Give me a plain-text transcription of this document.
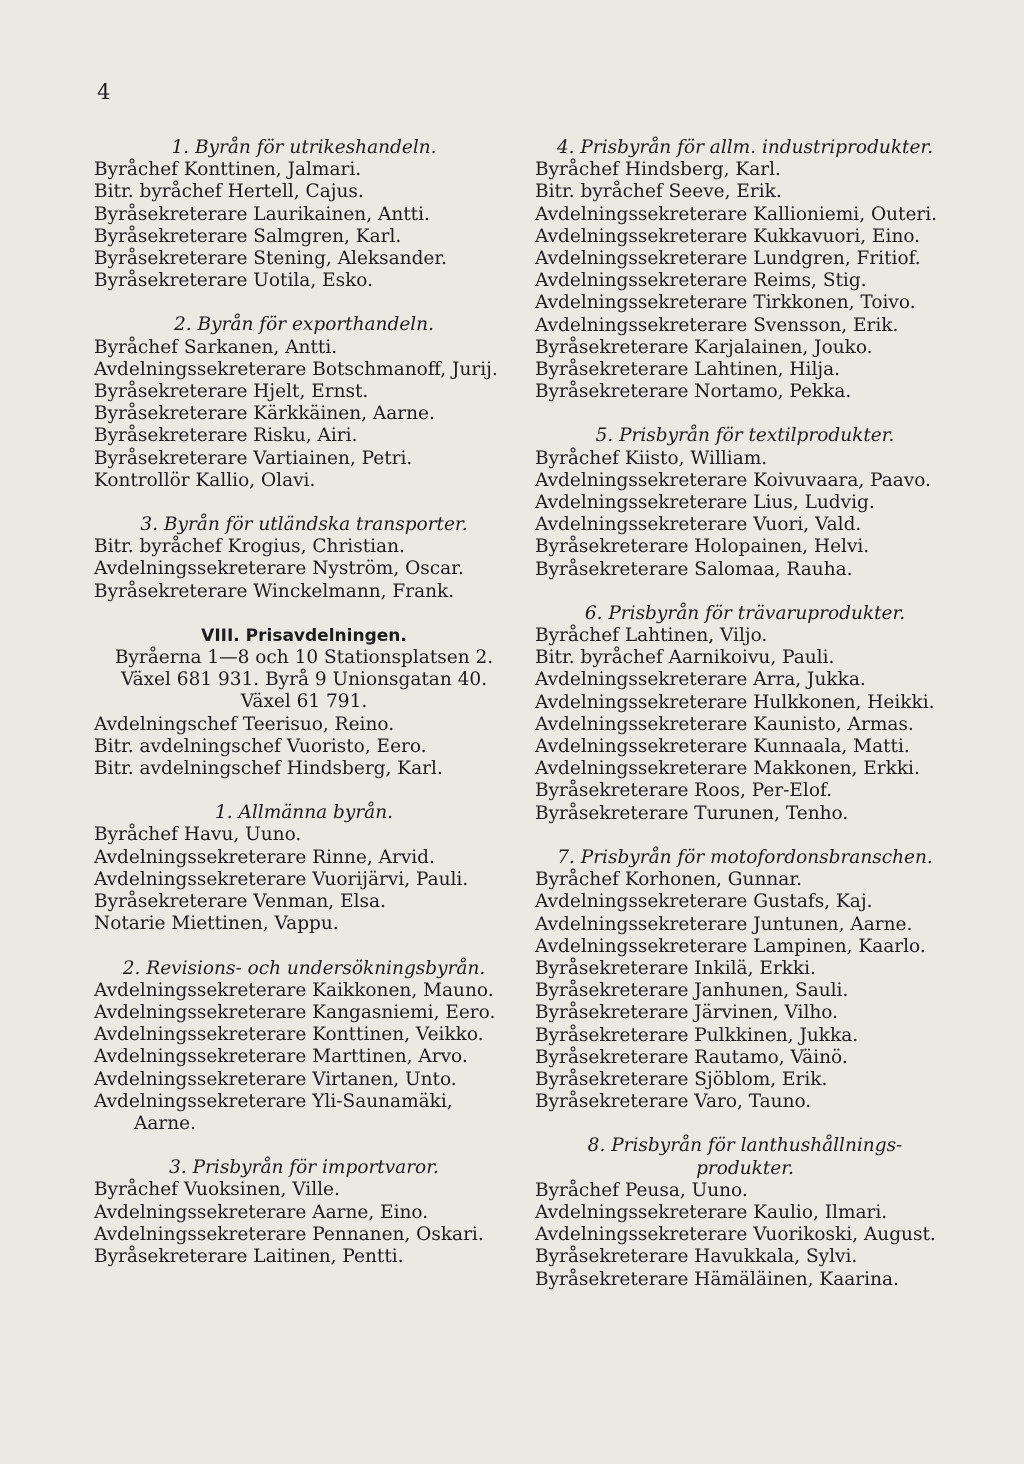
4
1. Byrån för utrikeshandeln.
Byråchef Konttinen, Jalmari.
Bitr. byråchef Hertell, Cajus.
Byråsekreterare Laurikainen, Antti.
Byråsekreterare Salmgren, Karl.
Byråsekreterare Stening, Aleksander.
Byråsekreterare Uotila, Esko.
2. Byrån för exporthandeln.
Byråchef Sarkanen, Antti.
Avdelningssekreterare Botschmanoff, Jurij.
Byråsekreterare Hjelt, Ernst.
Byråsekreterare Kärkkäinen, Aarne.
Byråsekreterare Risku, Airi.
Byråsekreterare Vartiainen, Petri.
Kontrollör Kallio, Olavi.
3. Byrån för utländska transporter.
Bitr. byråchef Krogius, Christian.
Avdelningssekreterare Nyström, Oscar.
Byråsekreterare Winckelmann, Frank.
VIII. Prisavdelningen.
Byråerna 1—8 och 10 Stationsplatsen 2.
Växel 681 931. Byrå 9 Unionsgatan 40.
Växel 61 791.
Avdelningschef Teerisuo, Reino.
Bitr. avdelningschef Vuoristo, Eero.
Bitr. avdelningschef Hindsberg, Karl.
1. Allmänna byrån.
Byråchef Havu, Uuno.
Avdelningssekreterare Rinne, Arvid.
Avdelningssekreterare Vuorijärvi, Pauli.
Byråsekreterare Venman, Elsa.
Notarie Miettinen, Vappu.
2. Revisions- och undersökningsbyrån.
Avdelningssekreterare Kaikkonen, Mauno.
Avdelningssekreterare Kangasniemi, Eero.
Avdelningssekreterare Konttinen, Veikko.
Avdelningssekreterare Marttinen, Arvo.
Avdelningssekreterare Virtanen, Unto.
Avdelningssekreterare Yli-Saunamäki,
Aarne.
3. Prisbyrån för importvaror.
Byråchef Vuoksinen, Ville.
Avdelningssekreterare Aarne, Eino.
Avdelningssekreterare Pennanen, Oskari.
Byråsekreterare Laitinen, Pentti.
4. Prisbyrån för allm. industriprodukter.
Byråchef Hindsberg, Karl.
Bitr. byråchef Seeve, Erik.
Avdelningssekreterare Kallioniemi, Outeri.
Avdelningssekreterare Kukkavuori, Eino.
Avdelningssekreterare Lundgren, Fritiof.
Avdelningssekreterare Reims, Stig.
Avdelningssekreterare Tirkkonen, Toivo.
Avdelningssekreterare Svensson, Erik.
Byråsekreterare Karjalainen, Jouko.
Byråsekreterare Lahtinen, Hilja.
Byråsekreterare Nortamo, Pekka.
5. Prisbyrån för textilprodukter.
Byråchef Kiisto, William.
Avdelningssekreterare Koivuvaara, Paavo.
Avdelningssekreterare Lius, Ludvig.
Avdelningssekreterare Vuori, Vald.
Byråsekreterare Holopainen, Helvi.
Byråsekreterare Salomaa, Rauha.
6. Prisbyrån för trävaruprodukter.
Byråchef Lahtinen, Viljo.
Bitr. byråchef Aarnikoivu, Pauli.
Avdelningssekreterare Arra, Jukka.
Avdelningssekreterare Hulkkonen, Heikki.
Avdelningssekreterare Kaunisto, Armas.
Avdelningssekreterare Kunnaala, Matti.
Avdelningssekreterare Makkonen, Erkki.
Byråsekreterare Roos, Per-Elof.
Byråsekreterare Turunen, Tenho.
7. Prisbyrån för motofordonsbranschen.
Byråchef Korhonen, Gunnar.
Avdelningssekreterare Gustafs, Kaj.
Avdelningssekreterare Juntunen, Aarne.
Avdelningssekreterare Lampinen, Kaarlo.
Byråsekreterare Inkilä, Erkki.
Byråsekreterare Janhunen, Sauli.
Byråsekreterare Järvinen, Vilho.
Byråsekreterare Pulkkinen, Jukka.
Byråsekreterare Rautamo, Väinö.
Byråsekreterare Sjöblom, Erik.
Byråsekreterare Varo, Tauno.
8. Prisbyrån för lanthushållnings-
produkter.
Byråchef Peusa, Uuno.
Avdelningssekreterare Kaulio, Ilmari.
Avdelningssekreterare Vuorikoski, August.
Byråsekreterare Havukkala, Sylvi.
Byråsekreterare Hämäläinen, Kaarina.
